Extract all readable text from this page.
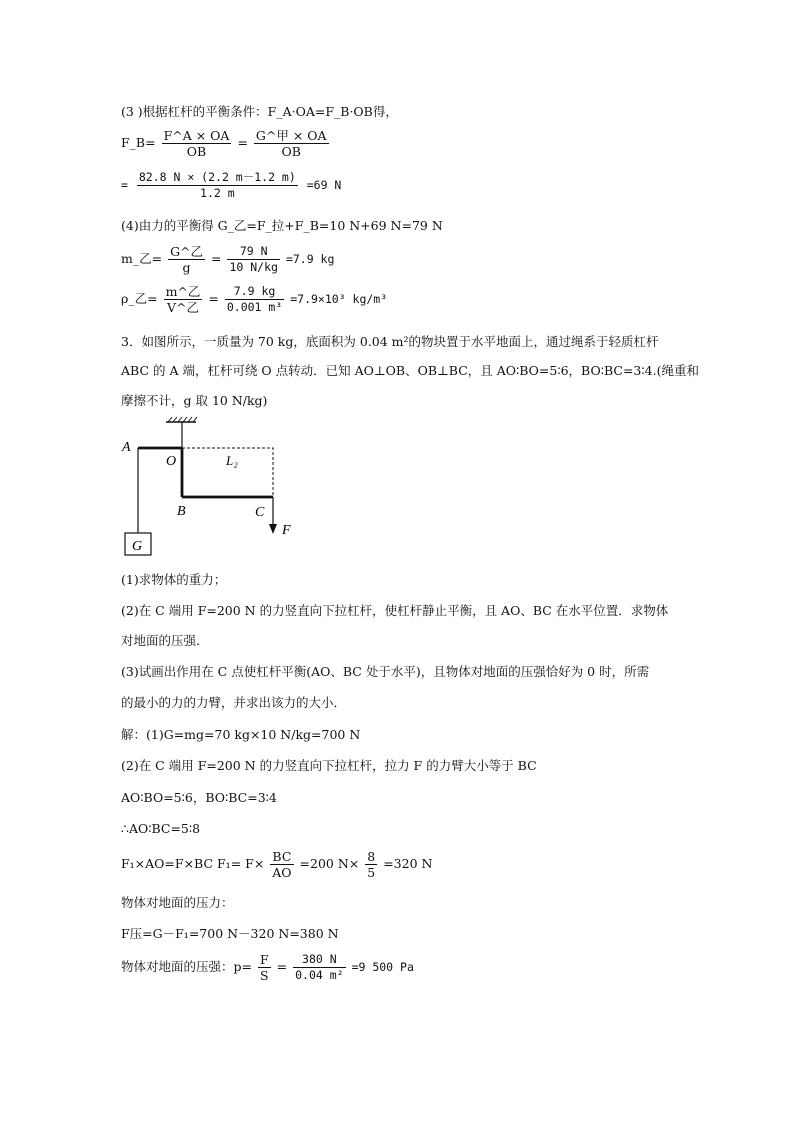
(3 )根据杠杆的平衡条件：F_A·OA=F_B·OB得，
F_B= $\frac{F\^{}A \times OA}{OB} = \frac{\text{G\textasciicircum{}甲 × OA}}{OB}$
= $\frac{82.8 N \times (2.2 m-1.2 m)}{1.2 m} =69$ N
(4)由力的平衡得 G_乙=F_拉+F_B=10 N+69 N=79 N
m_乙= $\frac{\text{G\textasciicircum{}乙}}{g} = \frac{79 N}{10 N/kg} =7.9$ kg
ρ_乙= $\frac{\text{m\textasciicircum{}乙}}{\text{V\textasciicircum{}乙}} = \frac{7.9 kg}{\text{0.001 m³}} =7.9\times 10^3$ kg/m³
3．如图所示，一质量为 70 kg，底面积为 0.04 m²的物块置于水平地面上，通过绳系于轻质杠杆
ABC 的 A 端，杠杆可绕 O 点转动．已知 AO⊥OB、OB⊥BC，且 AO∶BO=5∶6，BO∶BC=3∶4.(绳重和
摩擦不计，g 取 10 N/kg)
A
O	L₂
B	C
F
G
(1)求物体的重力；
(2)在 C 端用 F=200 N 的力竖直向下拉杠杆，使杠杆静止平衡，且 AO、BC 在水平位置．求物体
对地面的压强．
(3)试画出作用在 C 点使杠杆平衡(AO、BC 处于水平)，且物体对地面的压强恰好为 0 时，所需
的最小的力的力臂，并求出该力的大小．
解：(1)G=mg=70 kg×10 N/kg=700 N
(2)在 C 端用 F=200 N 的力竖直向下拉杠杆，拉力 F 的力臂大小等于 BC
AO∶BO=5∶6，BO∶BC=3∶4
∴AO∶BC=5∶8
F₁×AO=F×BC $F_1= F\times \frac{BC}{AO} =200$ $N\times \frac{8}{5} =320$ N
物体对地面的压力：
F压=G－F₁=700 N－320 N=380 N
物体对地面的压强：$p= \frac{F}{S} = \frac{380 N}{\text{0.04 m²}} =9$ 500 Pa
